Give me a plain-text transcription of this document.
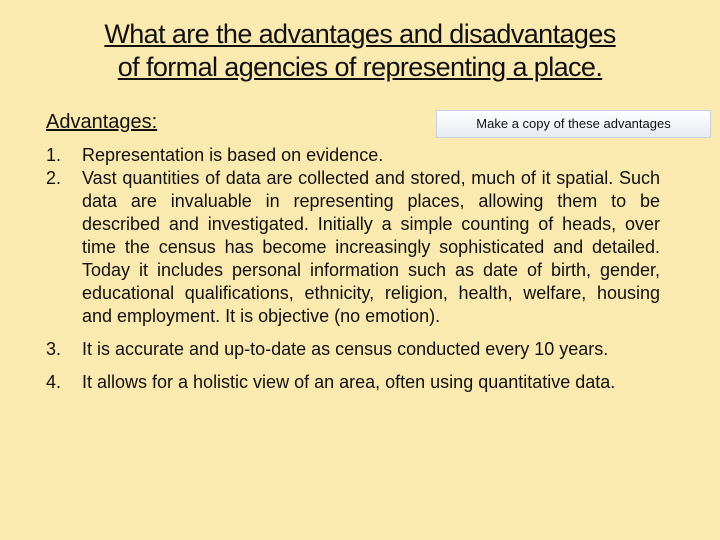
What are the advantages and disadvantages
of formal agencies of representing a place.
Advantages:	Make a copy of these advantages
1. Representation is based on evidence.
2. Vast quantities of data are collected and stored, much of it spatial. Such data are invaluable in representing places, allowing them to be described and investigated. Initially a simple counting of heads, over time the census has become increasingly sophisticated and detailed. Today it includes personal information such as date of birth, gender, educational qualifications, ethnicity, religion, health, welfare, housing and employment. It is objective (no emotion).
3. It is accurate and up-to-date as census conducted every 10 years.
4. It allows for a holistic view of an area, often using quantitative data.
